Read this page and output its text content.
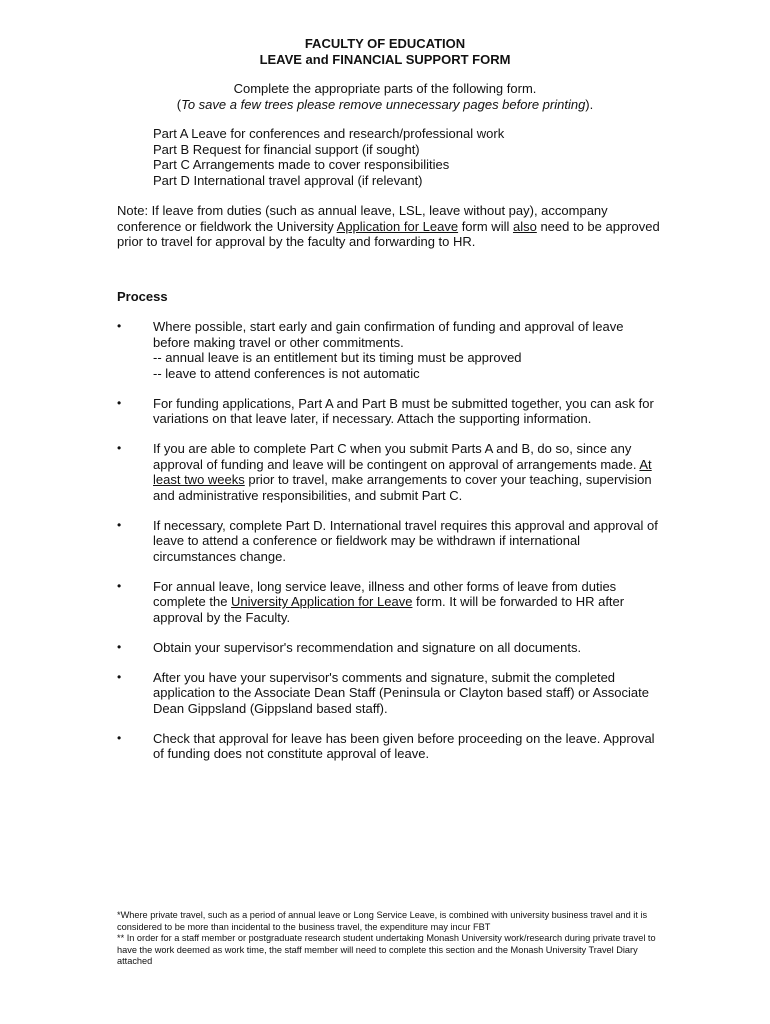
FACULTY OF EDUCATION
LEAVE and FINANCIAL SUPPORT FORM
Complete the appropriate parts of the following form.
(To save a few trees please remove unnecessary pages before printing).
Part A Leave for conferences and research/professional work
Part B Request for financial support (if sought)
Part C Arrangements made to cover responsibilities
Part D International travel approval (if relevant)
Note: If leave from duties (such as annual leave, LSL, leave without pay), accompany conference or fieldwork the University Application for Leave form will also need to be approved prior to travel for approval by the faculty and forwarding to HR.
Process
• Where possible, start early and gain confirmation of funding and approval of leave before making travel or other commitments.
-- annual leave is an entitlement but its timing must be approved
-- leave to attend conferences is not automatic
• For funding applications, Part A and Part B must be submitted together, you can ask for variations on that leave later, if necessary. Attach the supporting information.
• If you are able to complete Part C when you submit Parts A and B, do so, since any approval of funding and leave will be contingent on approval of arrangements made. At least two weeks prior to travel, make arrangements to cover your teaching, supervision and administrative responsibilities, and submit Part C.
• If necessary, complete Part D. International travel requires this approval and approval of leave to attend a conference or fieldwork may be withdrawn if international circumstances change.
• For annual leave, long service leave, illness and other forms of leave from duties complete the University Application for Leave form. It will be forwarded to HR after approval by the Faculty.
• Obtain your supervisor's recommendation and signature on all documents.
• After you have your supervisor's comments and signature, submit the completed application to the Associate Dean Staff (Peninsula or Clayton based staff) or Associate Dean Gippsland (Gippsland based staff).
• Check that approval for leave has been given before proceeding on the leave. Approval of funding does not constitute approval of leave.
*Where private travel, such as a period of annual leave or Long Service Leave, is combined with university business travel and it is considered to be more than incidental to the business travel, the expenditure may incur FBT
** In order for a staff member or postgraduate research student undertaking Monash University work/research during private travel to have the work deemed as work time, the staff member will need to complete this section and the Monash University Travel Diary attached
